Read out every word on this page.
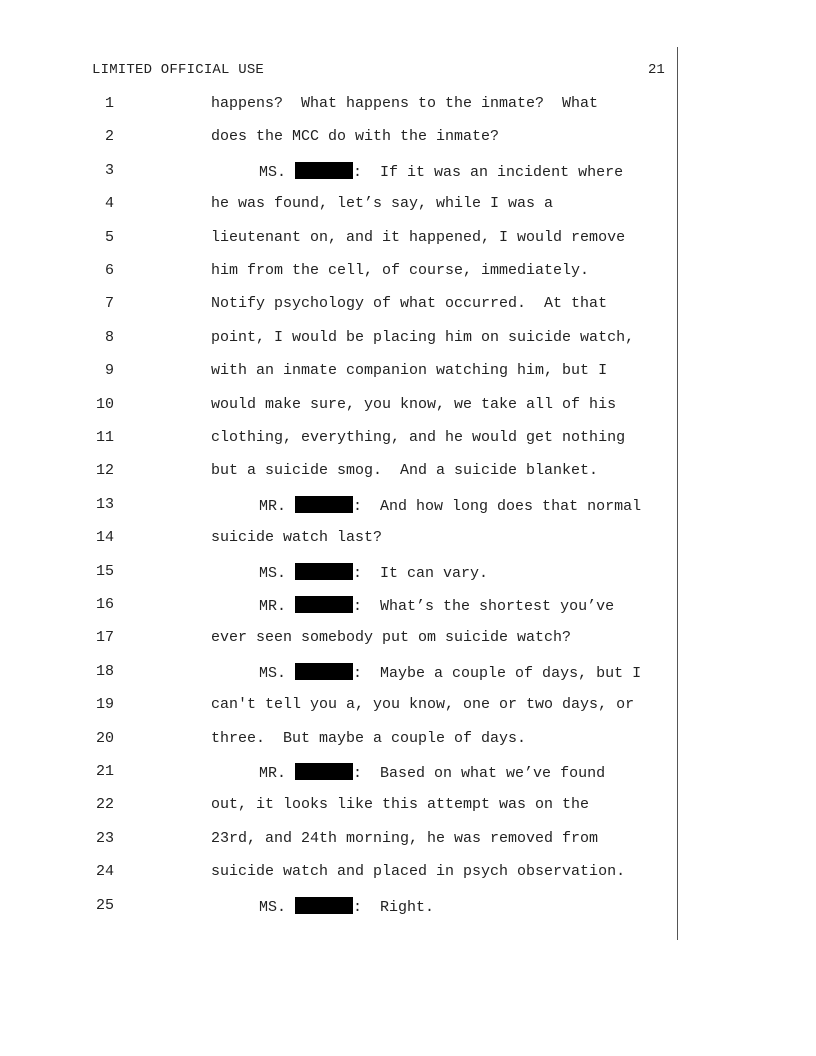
LIMITED OFFICIAL USE	21
1	happens?  What happens to the inmate?  What
2	does the MCC do with the inmate?
3	MS.	:  If it was an incident where
4	he was found, let’s say, while I was a
5	lieutenant on, and it happened, I would remove
6	him from the cell, of course, immediately.
7	Notify psychology of what occurred.  At that
8	point, I would be placing him on suicide watch,
9	with an inmate companion watching him, but I
10	would make sure, you know, we take all of his
11	clothing, everything, and he would get nothing
12	but a suicide smog.  And a suicide blanket.
13	MR.	:  And how long does that normal
14	suicide watch last?
15	MS.	:  It can vary.
16	MR.	:  What’s the shortest you’ve
17	ever seen somebody put om suicide watch?
18	MS.	:  Maybe a couple of days, but I
19	can't tell you a, you know, one or two days, or
20	three.  But maybe a couple of days.
21	MR.	:  Based on what we’ve found
22	out, it looks like this attempt was on the
23	23rd, and 24th morning, he was removed from
24	suicide watch and placed in psych observation.
25	MS.	:  Right.
